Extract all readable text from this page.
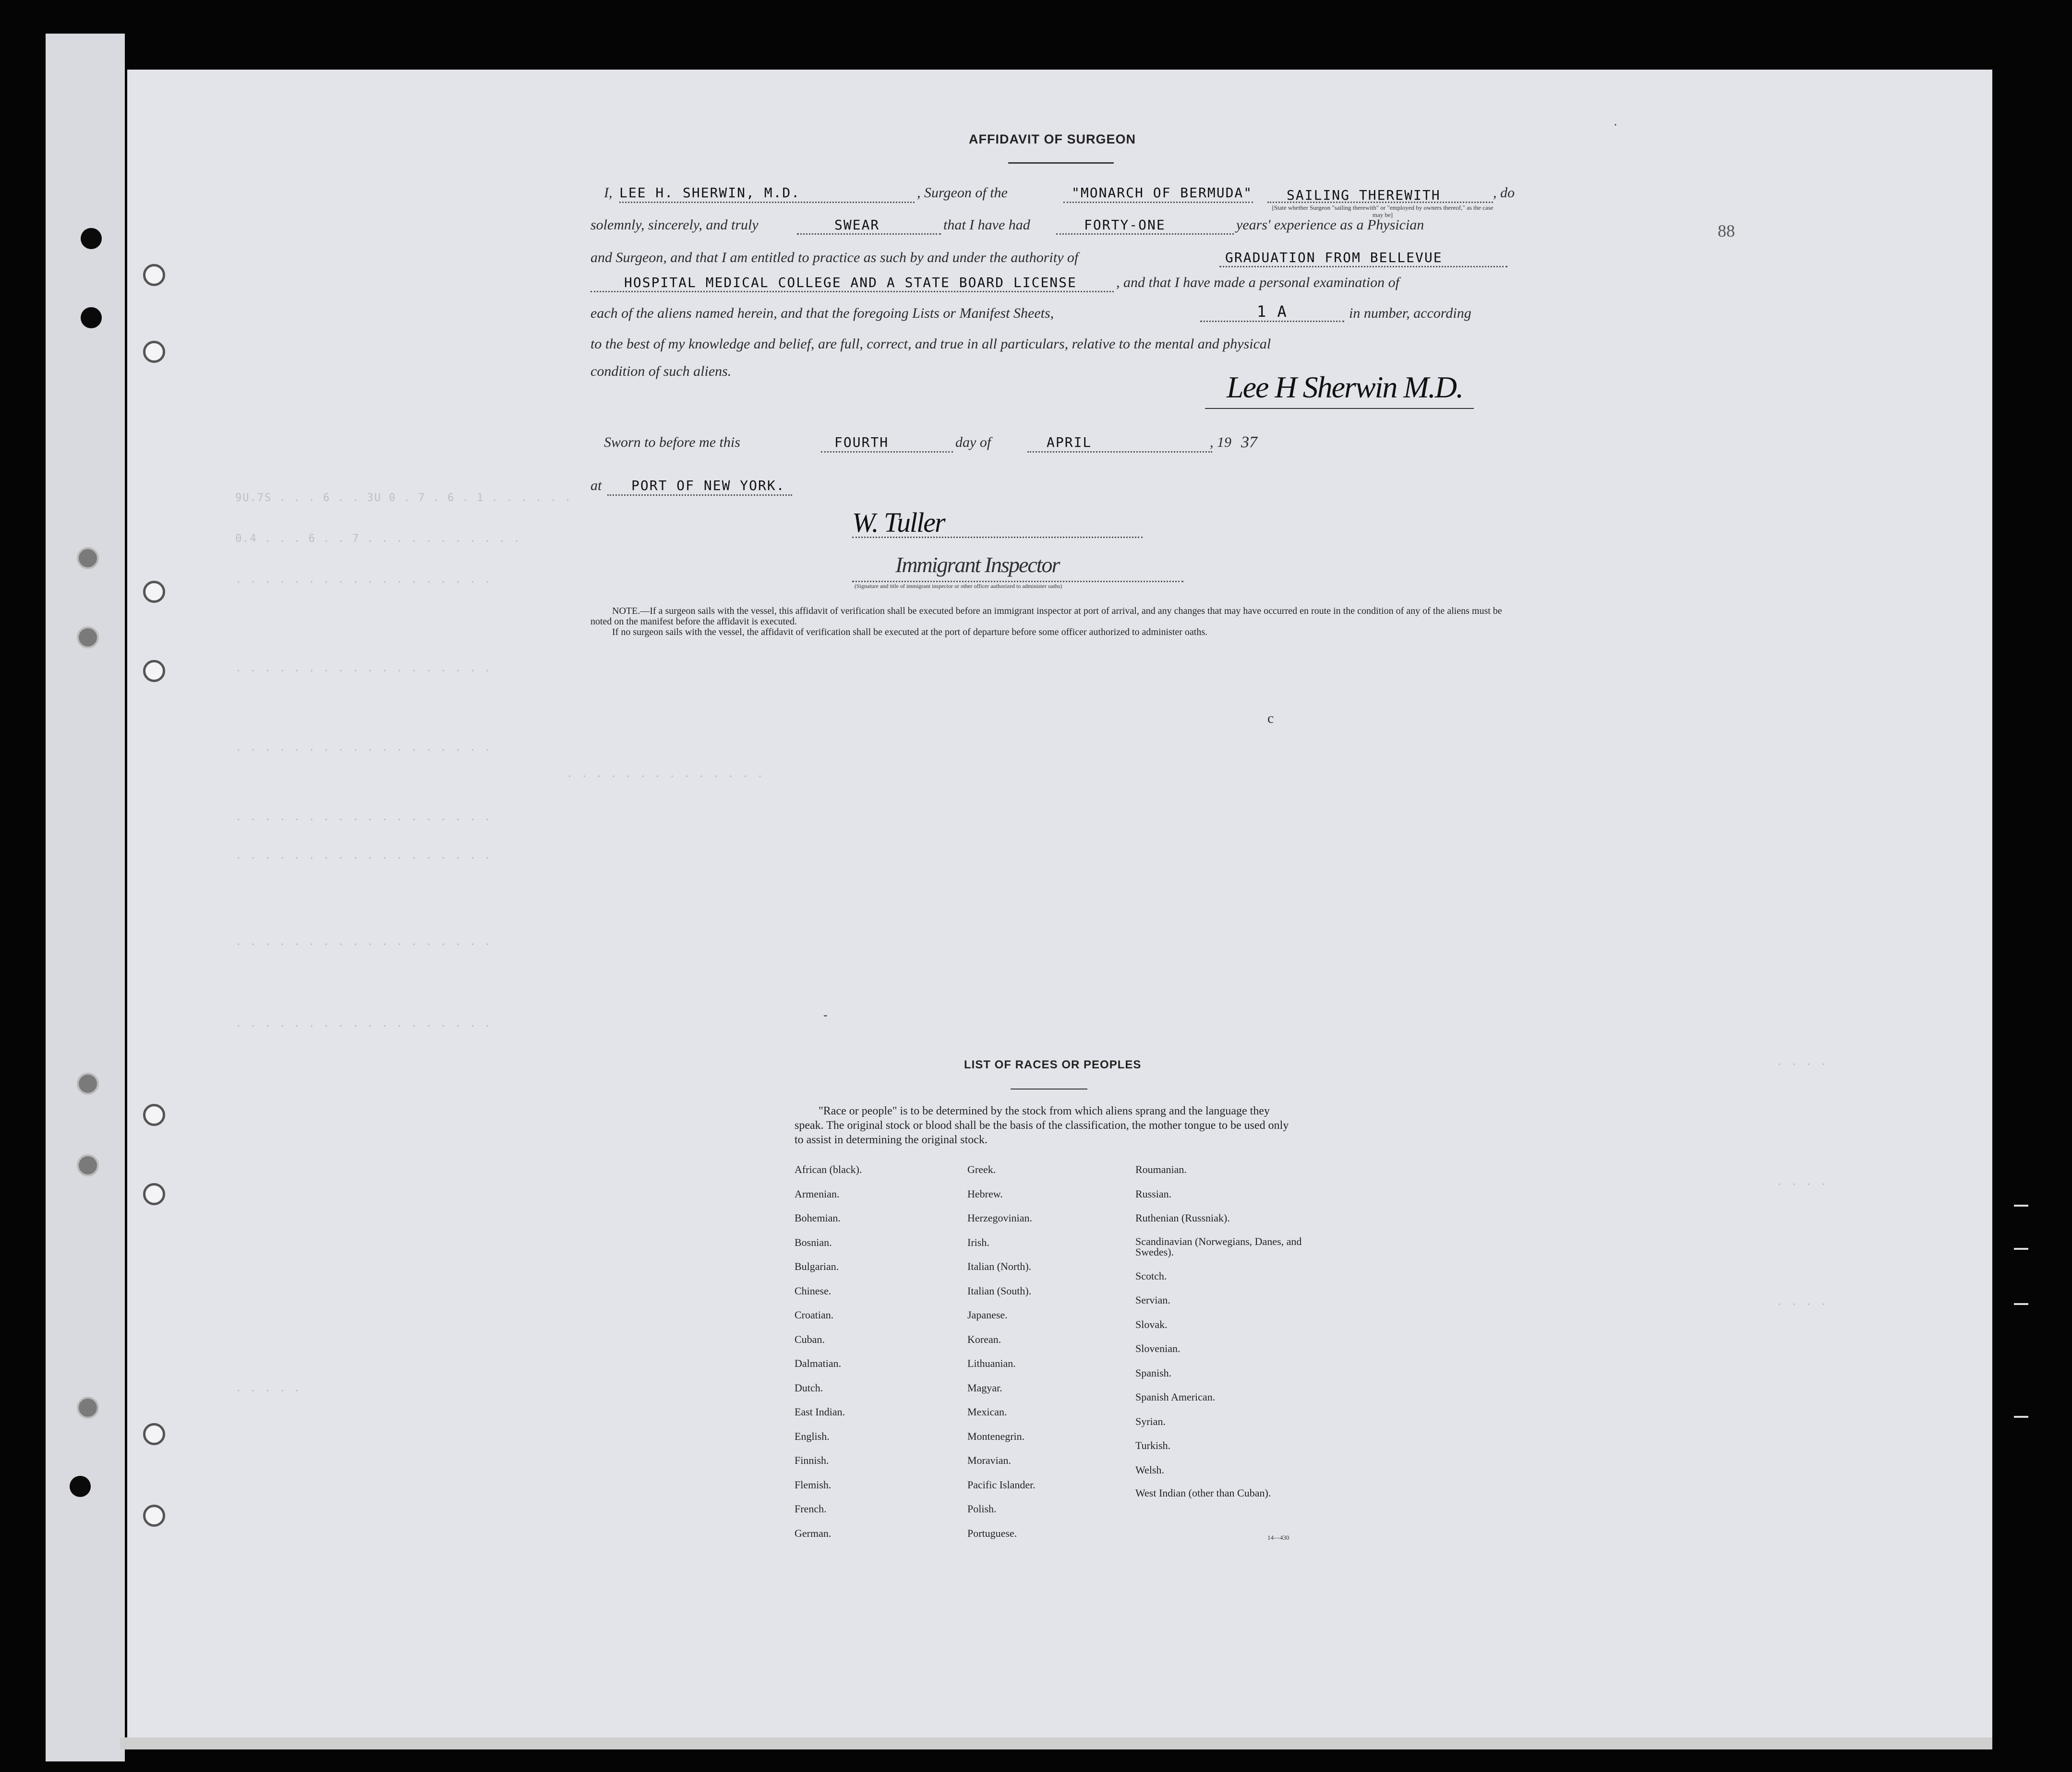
9U.7S . . . 6 . . 3U 0 . 7 . 6 . 1 . . . . . .
0.4 . . . 6 . . 7 . . . . . . . . . . .
. . . . . . . . . . . . . . . . . .
. . . . . . . . . . . . . . . . . .
. . . . . . . . . . . . . . . . . .
. . . . . . . . . . . . . .
. . . . . . . . . . . . . . . . . .
. . . . . . . . . . . . . . . . . .
. . . . . . . . . . . . . . . . . .
. . . . . . . . . . . . . . . . . .
. . . .
. . . .
. . . .
. . . . .
AFFIDAVIT OF SURGEON
88
I, LEE H. SHERWIN, M.D.	, Surgeon of the	"MONARCH OF BERMUDA"	SAILING THEREWITH	, do
[State whether Surgeon "sailing therewith" or "employed by owners thereof," as the case may be]
solemnly, sincerely, and truly	SWEAR	that I have had	FORTY-ONE	years' experience as a Physician
and Surgeon, and that I am entitled to practice as such by and under the authority of	GRADUATION FROM BELLEVUE
HOSPITAL MEDICAL COLLEGE AND A STATE BOARD LICENSE	, and that I have made a personal examination of
each of the aliens named herein, and that the foregoing Lists or Manifest Sheets,	1 A	in number, according
to the best of my knowledge and belief, are full, correct, and true in all particulars, relative to the mental and physical
condition of such aliens.	Lee H Sherwin M.D.
Sworn to before me this	FOURTH	day of	APRIL	, 19 37
at PORT OF NEW YORK.
W. Tuller
Immigrant Inspector
(Signature and title of immigrant inspector or other officer authorized to administer oaths)
NOTE.—If a surgeon sails with the vessel, this affidavit of verification shall be executed before an immigrant inspector at port of arrival, and any changes that may have occurred en route in the condition of any of the aliens must be noted on the manifest before the affidavit is executed.
If no surgeon sails with the vessel, the affidavit of verification shall be executed at the port of departure before some officer authorized to administer oaths.
c
-
LIST OF RACES OR PEOPLES
"Race or people" is to be determined by the stock from which aliens sprang and the language they speak. The original stock or blood shall be the basis of the classification, the mother tongue to be used only to assist in determining the original stock.
African (black).
Armenian.
Bohemian.
Bosnian.
Bulgarian.
Chinese.
Croatian.
Cuban.
Dalmatian.
Dutch.
East Indian.
English.
Finnish.
Flemish.
French.
German.
Greek.
Hebrew.
Herzegovinian.
Irish.
Italian (North).
Italian (South).
Japanese.
Korean.
Lithuanian.
Magyar.
Mexican.
Montenegrin.
Moravian.
Pacific Islander.
Polish.
Portuguese.
Roumanian.
Russian.
Ruthenian (Russniak).
Scandinavian (Norwegians, Danes, and Swedes).
Scotch.
Servian.
Slovak.
Slovenian.
Spanish.
Spanish American.
Syrian.
Turkish.
Welsh.
West Indian (other than Cuban).
14—430
